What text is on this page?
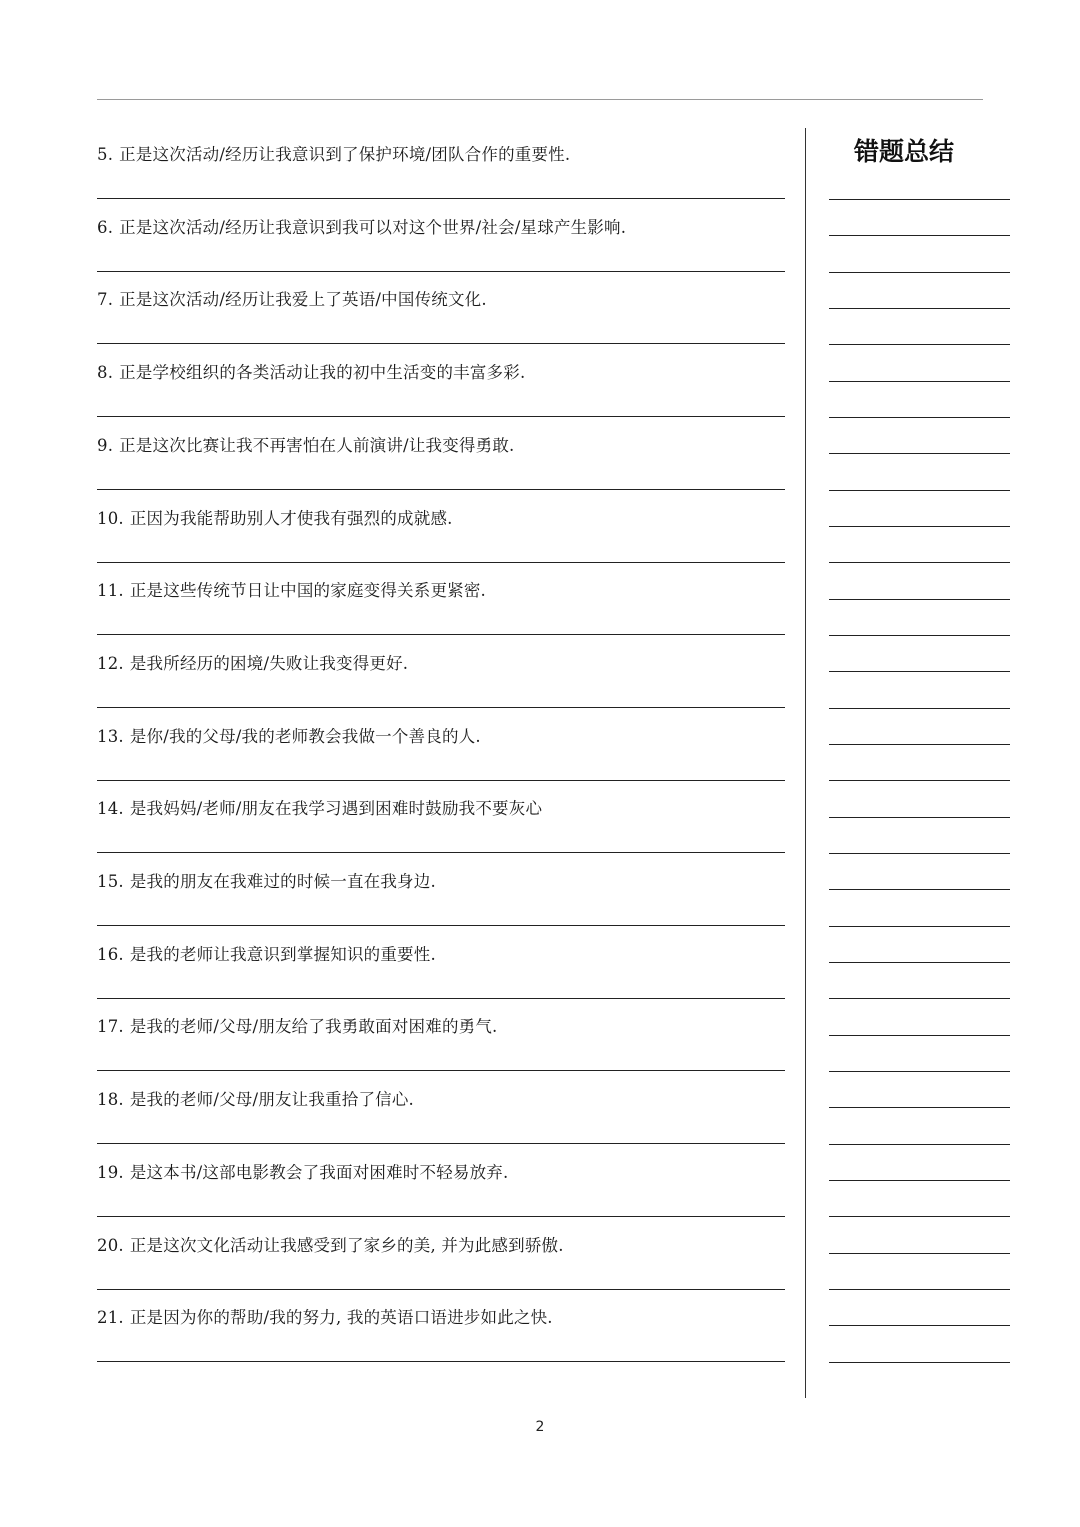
5. 正是这次活动/经历让我意识到了保护环境/团队合作的重要性.
6. 正是这次活动/经历让我意识到我可以对这个世界/社会/星球产生影响.
7. 正是这次活动/经历让我爱上了英语/中国传统文化.
8. 正是学校组织的各类活动让我的初中生活变的丰富多彩.
9. 正是这次比赛让我不再害怕在人前演讲/让我变得勇敢.
10. 正因为我能帮助别人才使我有强烈的成就感.
11. 正是这些传统节日让中国的家庭变得关系更紧密.
12. 是我所经历的困境/失败让我变得更好.
13. 是你/我的父母/我的老师教会我做一个善良的人.
14. 是我妈妈/老师/朋友在我学习遇到困难时鼓励我不要灰心
15. 是我的朋友在我难过的时候一直在我身边.
16. 是我的老师让我意识到掌握知识的重要性.
17. 是我的老师/父母/朋友给了我勇敢面对困难的勇气.
18. 是我的老师/父母/朋友让我重拾了信心.
19. 是这本书/这部电影教会了我面对困难时不轻易放弃.
20. 正是这次文化活动让我感受到了家乡的美, 并为此感到骄傲.
21. 正是因为你的帮助/我的努力, 我的英语口语进步如此之快.
错题总结
2
